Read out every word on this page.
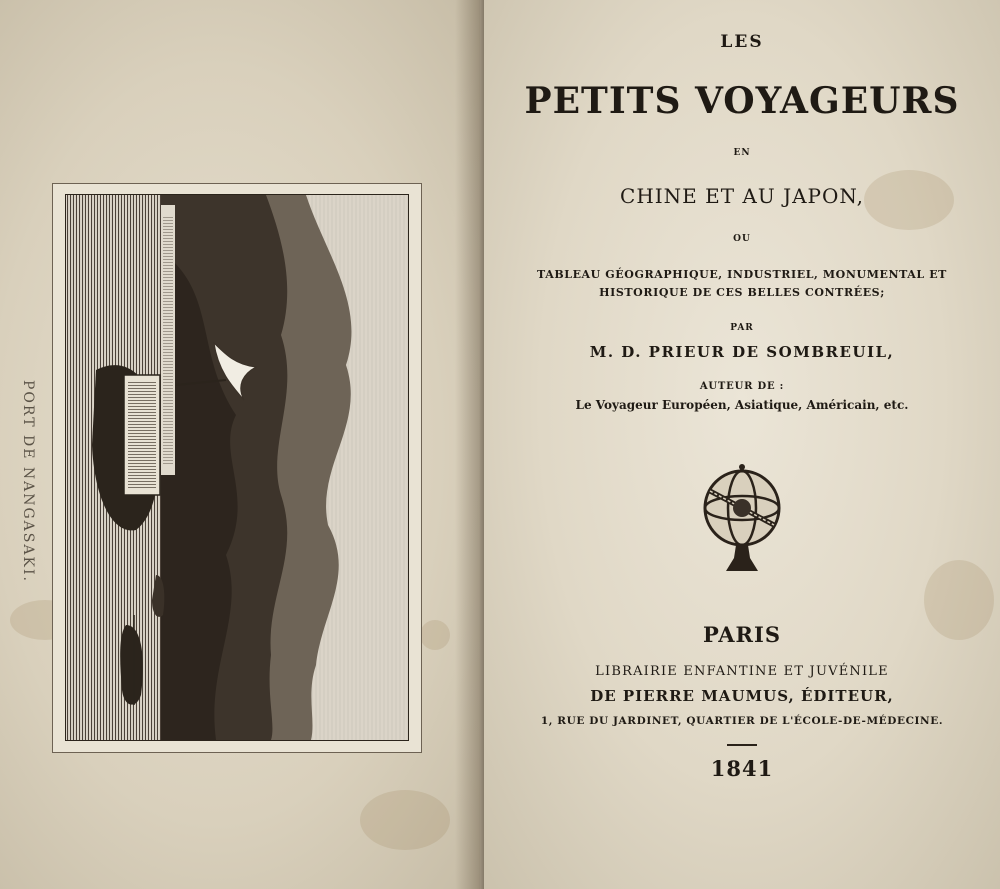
PORT DE NANGASAKI.
LES
PETITS VOYAGEURS
EN
CHINE ET AU JAPON,
OU
TABLEAU GÉOGRAPHIQUE, INDUSTRIEL, MONUMENTAL ET
HISTORIQUE DE CES BELLES CONTRÉES;
PAR
M. D. PRIEUR DE SOMBREUIL,
AUTEUR DE :
Le Voyageur Européen, Asiatique, Américain, etc.
PARIS
LIBRAIRIE ENFANTINE ET JUVÉNILE
DE PIERRE MAUMUS, ÉDITEUR,
1, RUE DU JARDINET, QUARTIER DE L'ÉCOLE-DE-MÉDECINE.
1841
